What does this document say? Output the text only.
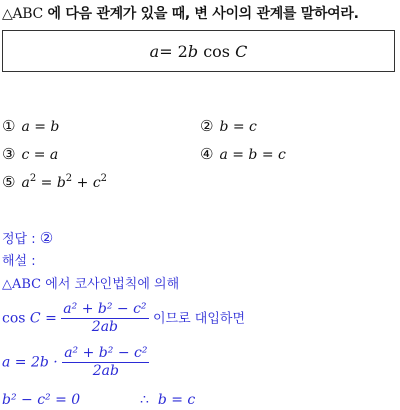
△ABC 에 다음 관계가 있을 때, 변 사이의 관계를 말하여라.
a = 2 b
cos
C
① a = b	② b = c
③ c = a	④ a = b = c
⑤ $a^2 = b^2 + c^2$
정답 : ②
해설 :
△ABC 에서 코사인법칙에 의해
$\cos C = \frac{\text{a² + b² − c²}}{2ab}$ 이므로 대입하면
$a = 2b \cdot \frac{\text{a² + b² − c²}}{2ab}$
b² − c² = 0	∴ b = c
